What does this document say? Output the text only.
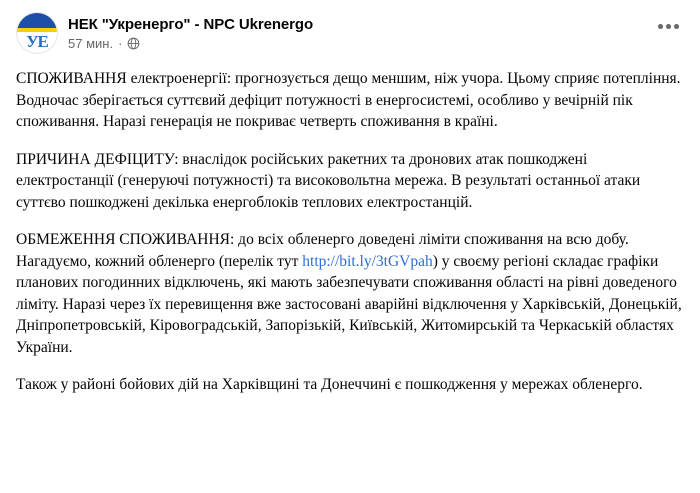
УЕ
НЕК "Укренерго" - NPC Ukrenergo
57 мин. ·

СПОЖИВАННЯ електроенергії: прогнозується дещо меншим, ніж учора. Цьому сприяє потепління. Водночас зберігається суттєвий дефіцит потужності в енергосистемі, особливо у вечірній пік споживання. Наразі генерація не покриває четверть споживання в країні.

ПРИЧИНА ДЕФІЦИТУ: внаслідок російських ракетних та дронових атак пошкоджені електростанції (генеруючі потужності) та високовольтна мережа. В результаті останньої атаки суттєво пошкоджені декілька енергоблоків теплових електростанцій.

ОБМЕЖЕННЯ СПОЖИВАННЯ: до всіх обленерго доведені ліміти споживання на всю добу. Нагадуємо, кожний обленерго (перелік тут http://bit.ly/3tGVpah) у своєму регіоні складає графіки планових погодинних відключень, які мають забезпечувати споживання області на рівні доведеного ліміту. Наразі через їх перевищення вже застосовані аварійні відключення у Харківській, Донецькій, Дніпропетровській, Кіровоградській, Запорізькій, Київській, Житомирській та Черкаській областях України.

Також у районі бойових дій на Харківщині та Донеччині є пошкодження у мережах обленерго.
